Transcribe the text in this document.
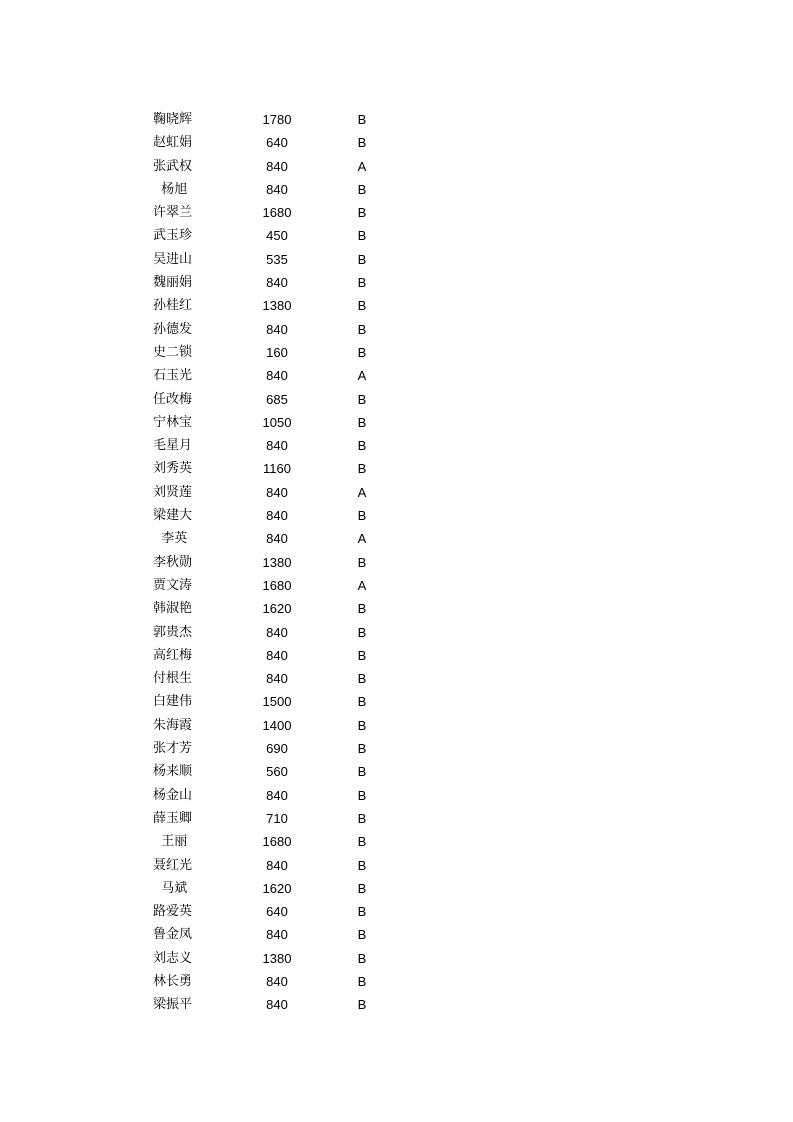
鞠晓辉	1780	B
赵虹娟	640	B
张武权	840	A
杨旭	840	B
许翠兰	1680	B
武玉珍	450	B
吴进山	535	B
魏丽娟	840	B
孙桂红	1380	B
孙德发	840	B
史二锁	160	B
石玉光	840	A
任改梅	685	B
宁林宝	1050	B
毛星月	840	B
刘秀英	1160	B
刘贤莲	840	A
梁建大	840	B
李英	840	A
李秋勋	1380	B
贾文涛	1680	A
韩淑艳	1620	B
郭贵杰	840	B
高红梅	840	B
付根生	840	B
白建伟	1500	B
朱海霞	1400	B
张才芳	690	B
杨来顺	560	B
杨金山	840	B
薛玉卿	710	B
王丽	1680	B
聂红光	840	B
马斌	1620	B
路爱英	640	B
鲁金凤	840	B
刘志义	1380	B
林长勇	840	B
梁振平	840	B
